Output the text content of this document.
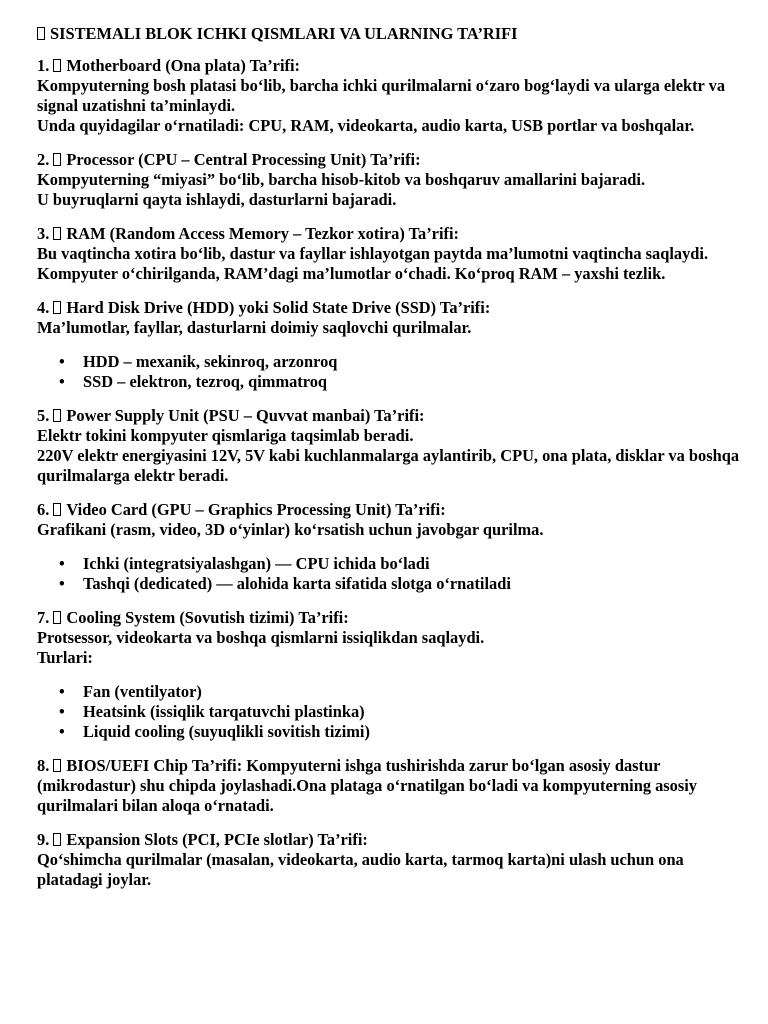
SISTEMALI BLOK ICHKI QISMLARI VA ULARNING TA’RIFI
1. Motherboard (Ona plata) Ta’rifi:
Kompyuterning bosh platasi bo‘lib, barcha ichki qurilmalarni o‘zaro bog‘laydi va ularga elektr va signal uzatishni ta’minlaydi.
Unda quyidagilar o‘rnatiladi: CPU, RAM, videokarta, audio karta, USB portlar va boshqalar.
2. Processor (CPU – Central Processing Unit) Ta’rifi:
Kompyuterning “miyasi” bo‘lib, barcha hisob-kitob va boshqaruv amallarini bajaradi.
U buyruqlarni qayta ishlaydi, dasturlarni bajaradi.
3. RAM (Random Access Memory – Tezkor xotira) Ta’rifi:
Bu vaqtincha xotira bo‘lib, dastur va fayllar ishlayotgan paytda ma’lumotni vaqtincha saqlaydi.
Kompyuter o‘chirilganda, RAM’dagi ma’lumotlar o‘chadi. Ko‘proq RAM – yaxshi tezlik.
4. Hard Disk Drive (HDD) yoki Solid State Drive (SSD) Ta’rifi:
Ma’lumotlar, fayllar, dasturlarni doimiy saqlovchi qurilmalar.
• HDD – mexanik, sekinroq, arzonroq
• SSD – elektron, tezroq, qimmatroq
5. Power Supply Unit (PSU – Quvvat manbai) Ta’rifi:
Elektr tokini kompyuter qismlariga taqsimlab beradi.
220V elektr energiyasini 12V, 5V kabi kuchlanmalarga aylantirib, CPU, ona plata, disklar va boshqa qurilmalarga elektr beradi.
6. Video Card (GPU – Graphics Processing Unit) Ta’rifi:
Grafikani (rasm, video, 3D o‘yinlar) ko‘rsatish uchun javobgar qurilma.
• Ichki (integratsiyalashgan) — CPU ichida bo‘ladi
• Tashqi (dedicated) — alohida karta sifatida slotga o‘rnatiladi
7. Cooling System (Sovutish tizimi) Ta’rifi:
Protsessor, videokarta va boshqa qismlarni issiqlikdan saqlaydi.
Turlari:
• Fan (ventilyator)
• Heatsink (issiqlik tarqatuvchi plastinka)
• Liquid cooling (suyuqlikli sovitish tizimi)
8. BIOS/UEFI Chip Ta’rifi: Kompyuterni ishga tushirishda zarur bo‘lgan asosiy dastur (mikrodastur) shu chipda joylashadi.Ona plataga o‘rnatilgan bo‘ladi va kompyuterning asosiy qurilmalari bilan aloqa o‘rnatadi.
9. Expansion Slots (PCI, PCIe slotlar) Ta’rifi:
Qo‘shimcha qurilmalar (masalan, videokarta, audio karta, tarmoq karta)ni ulash uchun ona platadagi joylar.
